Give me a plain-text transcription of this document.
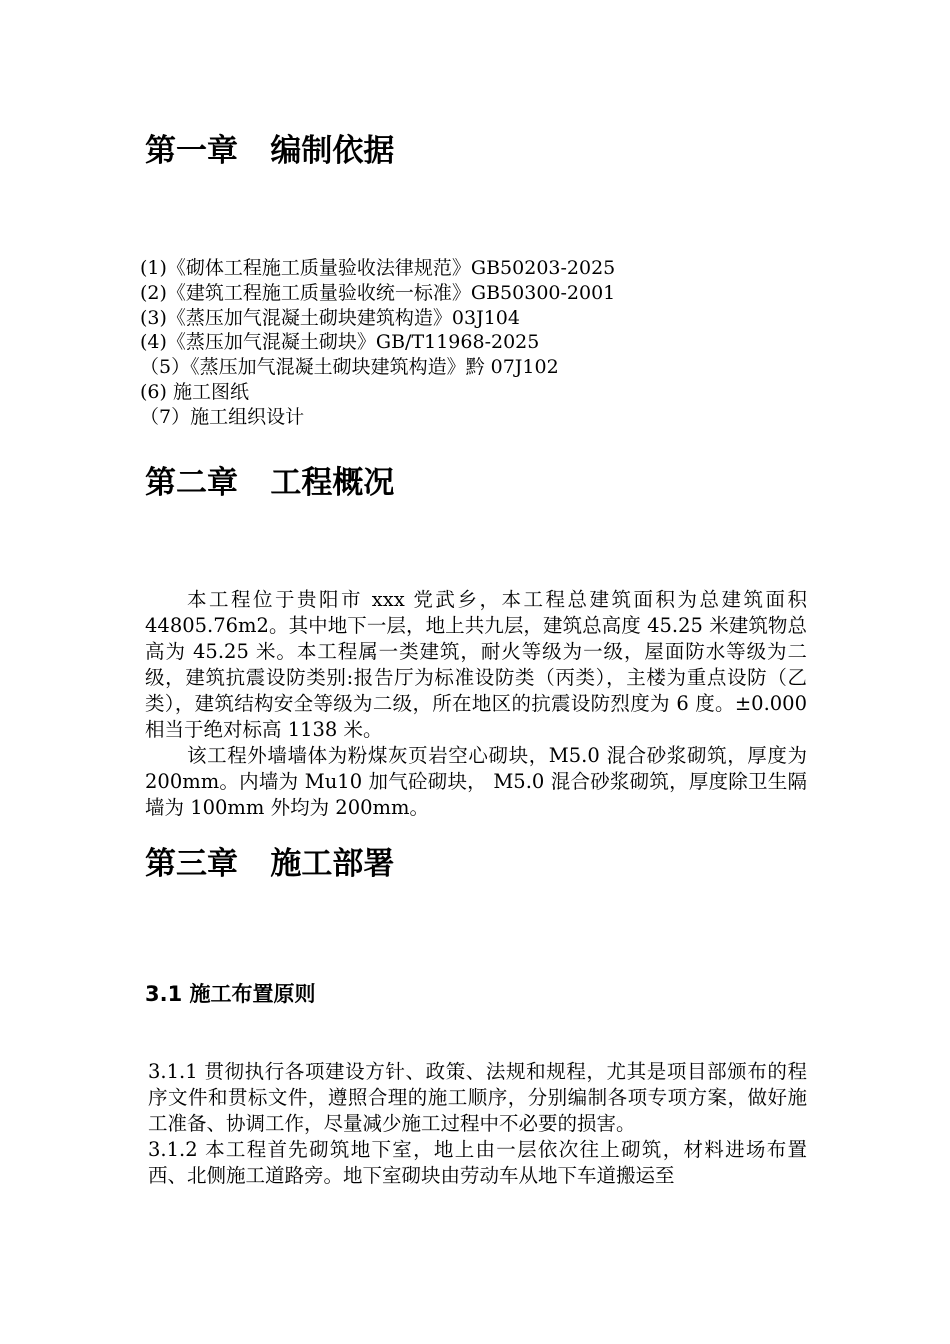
第一章   编制依据
(1)《砌体工程施工质量验收法律规范》GB50203-2025
(2)《建筑工程施工质量验收统一标准》GB50300-2001
(3)《蒸压加气混凝土砌块建筑构造》03J104
(4)《蒸压加气混凝土砌块》GB/T11968-2025
（5）《蒸压加气混凝土砌块建筑构造》黔 07J102
(6) 施工图纸
（7）施工组织设计
第二章   工程概况

本工程位于贵阳市 xxx 党武乡，本工程总建筑面积为总建筑面积 44805.76m2。其中地下一层，地上共九层，建筑总高度 45.25 米建筑物总高为 45.25 米。本工程属一类建筑，耐火等级为一级，屋面防水等级为二级，建筑抗震设防类别:报告厅为标准设防类（丙类），主楼为重点设防（乙类），建筑结构安全等级为二级，所在地区的抗震设防烈度为 6 度。±0.000 相当于绝对标高 1138 米。

该工程外墙墙体为粉煤灰页岩空心砌块，M5.0 混合砂浆砌筑，厚度为 200mm。内墙为 Mu10 加气砼砌块， M5.0 混合砂浆砌筑，厚度除卫生隔墙为 100mm 外均为 200mm。

第三章   施工部署
3.1 施工布置原则

3.1.1 贯彻执行各项建设方针、政策、法规和规程，尤其是项目部颁布的程序文件和贯标文件，遵照合理的施工顺序，分别编制各项专项方案，做好施工准备、协调工作，尽量减少施工过程中不必要的损害。

3.1.2 本工程首先砌筑地下室，地上由一层依次往上砌筑，材料进场布置西、北侧施工道路旁。地下室砌块由劳动车从地下车道搬运至
